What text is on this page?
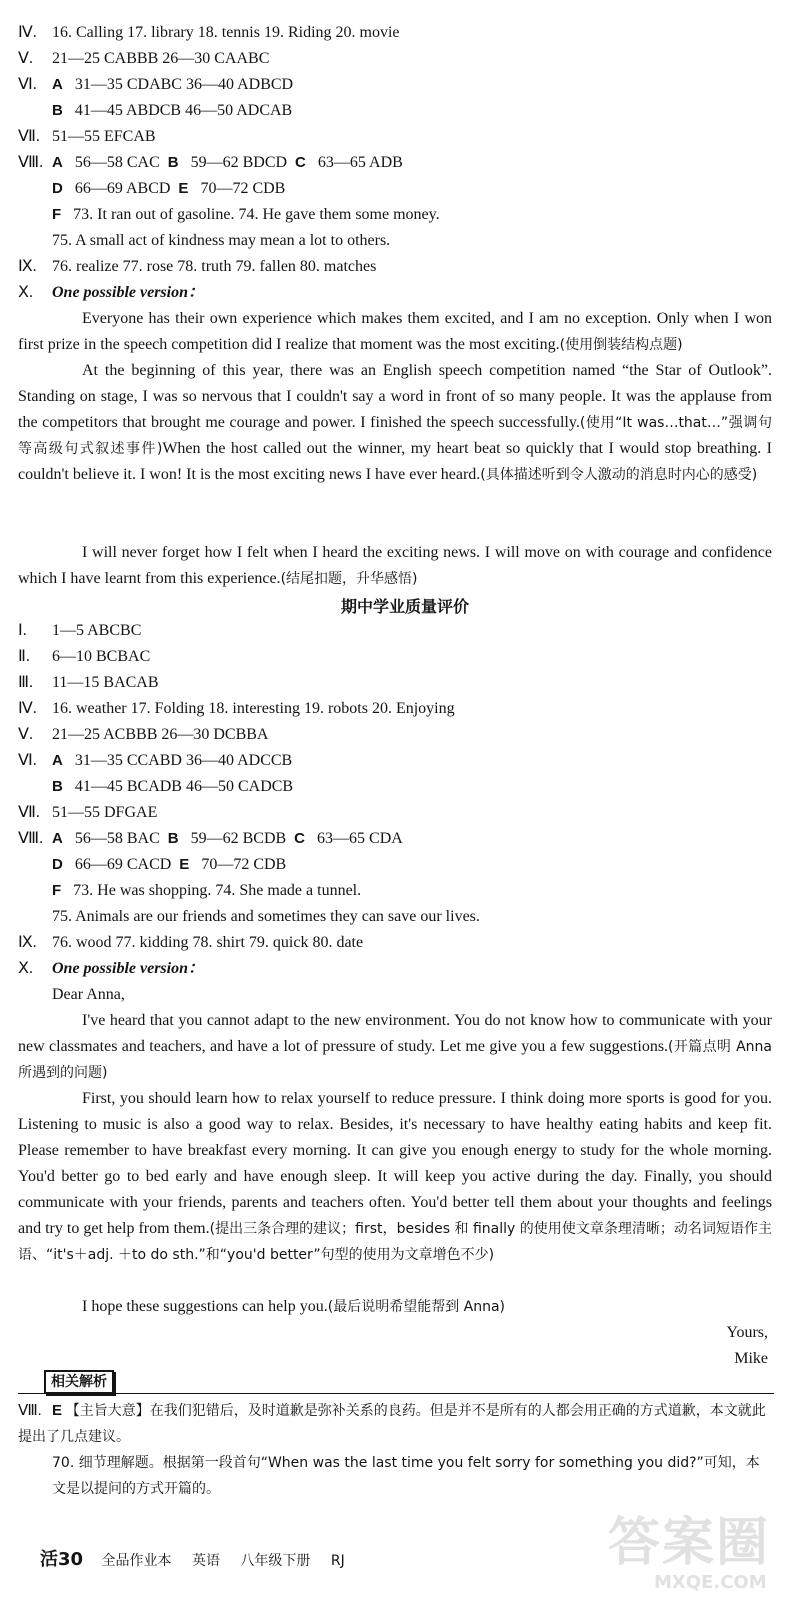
Ⅳ. 16. Calling 17. library 18. tennis 19. Riding 20. movie
Ⅴ. 21—25 CABBB 26—30 CAABC
Ⅵ. A 31—35 CDABC 36—40 ADBCD
B 41—45 ABDCB 46—50 ADCAB
Ⅶ. 51—55 EFCAB
Ⅷ. A 56—58 CAC B 59—62 BDCD C 63—65 ADB
D 66—69 ABCD E 70—72 CDB
F 73. It ran out of gasoline. 74. He gave them some money.
75. A small act of kindness may mean a lot to others.
Ⅸ. 76. realize 77. rose 78. truth 79. fallen 80. matches
Ⅹ. One possible version：
Everyone has their own experience which makes them excited, and I am no exception. Only when I won first prize in the speech competition did I realize that moment was the most exciting.(使用倒装结构点题)
At the beginning of this year, there was an English speech competition named “the Star of Outlook”. Standing on stage, I was so nervous that I couldn't say a word in front of so many people. It was the applause from the competitors that brought me courage and power. I finished the speech successfully.(使用“It was…that…”强调句等高级句式叙述事件)When the host called out the winner, my heart beat so quickly that I would stop breathing. I couldn't believe it. I won! It is the most exciting news I have ever heard.(具体描述听到令人激动的消息时内心的感受)
I will never forget how I felt when I heard the exciting news. I will move on with courage and confidence which I have learnt from this experience.(结尾扣题，升华感悟)
期中学业质量评价
Ⅰ. 1—5 ABCBC
Ⅱ. 6—10 BCBAC
Ⅲ. 11—15 BACAB
Ⅳ. 16. weather 17. Folding 18. interesting 19. robots 20. Enjoying
Ⅴ. 21—25 ACBBB 26—30 DCBBA
Ⅵ. A 31—35 CCABD 36—40 ADCCB
B 41—45 BCADB 46—50 CADCB
Ⅶ. 51—55 DFGAE
Ⅷ. A 56—58 BAC B 59—62 BCDB C 63—65 CDA
D 66—69 CACD E 70—72 CDB
F 73. He was shopping. 74. She made a tunnel.
75. Animals are our friends and sometimes they can save our lives.
Ⅸ. 76. wood 77. kidding 78. shirt 79. quick 80. date
Ⅹ. One possible version：
Dear Anna,
I've heard that you cannot adapt to the new environment. You do not know how to communicate with your new classmates and teachers, and have a lot of pressure of study. Let me give you a few suggestions.(开篇点明 Anna 所遇到的问题)
First, you should learn how to relax yourself to reduce pressure. I think doing more sports is good for you. Listening to music is also a good way to relax. Besides, it's necessary to have healthy eating habits and keep fit. Please remember to have breakfast every morning. It can give you enough energy to study for the whole morning. You'd better go to bed early and have enough sleep. It will keep you active during the day. Finally, you should communicate with your friends, parents and teachers often. You'd better tell them about your thoughts and feelings and try to get help from them.(提出三条合理的建议；first，besides 和 finally 的使用使文章条理清晰；动名词短语作主语、“it's＋adj. ＋to do sth.”和“you'd better”句型的使用为文章增色不少)
I hope these suggestions can help you.(最后说明希望能帮到 Anna)
Yours,
Mike
相关解析
Ⅷ. E 【主旨大意】在我们犯错后，及时道歉是弥补关系的良药。但是并不是所有的人都会用正确的方式道歉，本文就此提出了几点建议。
70. 细节理解题。根据第一段首句“When was the last time you felt sorry for something you did?”可知，本文是以提问的方式开篇的。
活30 全品作业本 英语 八年级下册 RJ	答案圈
MXQE.COM
